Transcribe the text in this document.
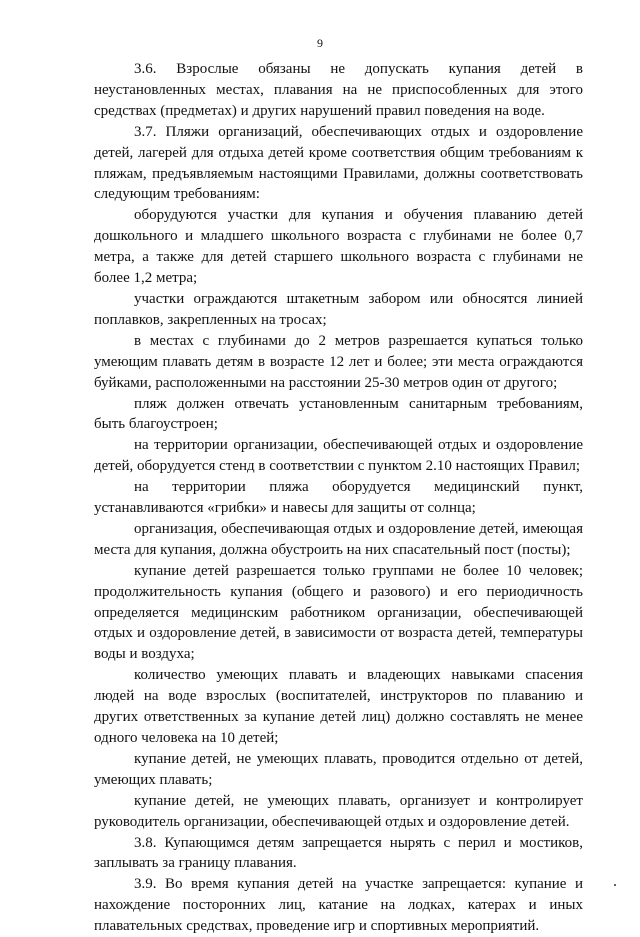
9

3.6. Взрослые обязаны не допускать купания детей в неустановленных местах, плавания на не приспособленных для этого средствах (предметах) и других нарушений правил поведения на воде.

3.7. Пляжи организаций, обеспечивающих отдых и оздоровление детей, лагерей для отдыха детей кроме соответствия общим требованиям к пляжам, предъявляемым настоящими Правилами, должны соответствовать следующим требованиям:

оборудуются участки для купания и обучения плаванию детей дошкольного и младшего школьного возраста с глубинами не более 0,7 метра, а также для детей старшего школьного возраста с глубинами не более 1,2 метра;

участки ограждаются штакетным забором или обносятся линией поплавков, закрепленных на тросах;

в местах с глубинами до 2 метров разрешается купаться только умеющим плавать детям в возрасте 12 лет и более; эти места ограждаются буйками, расположенными на расстоянии 25-30 метров один от другого;

пляж должен отвечать установленным санитарным требованиям, быть благоустроен;

на территории организации, обеспечивающей отдых и оздоровление детей, оборудуется стенд в соответствии с пунктом 2.10 настоящих Правил;

на территории пляжа оборудуется медицинский пункт, устанавливаются «грибки» и навесы для защиты от солнца;

организация, обеспечивающая отдых и оздоровление детей, имеющая места для купания, должна обустроить на них спасательный пост (посты);

купание детей разрешается только группами не более 10 человек; продолжительность купания (общего и разового) и его периодичность определяется медицинским работником организации, обеспечивающей отдых и оздоровление детей, в зависимости от возраста детей, температуры воды и воздуха;

количество умеющих плавать и владеющих навыками спасения людей на воде взрослых (воспитателей, инструкторов по плаванию и других ответственных за купание детей лиц) должно составлять не менее одного человека на 10 детей;

купание детей, не умеющих плавать, проводится отдельно от детей, умеющих плавать;

купание детей, не умеющих плавать, организует и контролирует руководитель организации, обеспечивающей отдых и оздоровление детей.

3.8. Купающимся детям запрещается нырять с перил и мостиков, заплывать за границу плавания.

3.9. Во время купания детей на участке запрещается: купание и нахождение посторонних лиц, катание на лодках, катерах и иных плавательных средствах, проведение игр и спортивных мероприятий.
